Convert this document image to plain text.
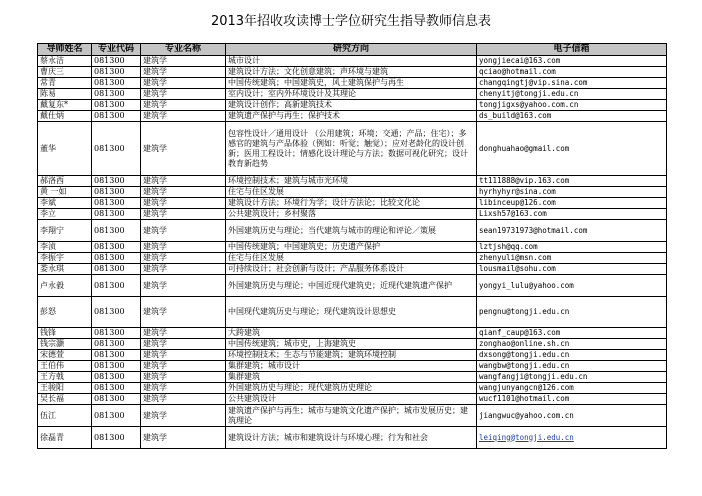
2013年招收攻读博士学位研究生指导教师信息表
导师姓名	专业代码	专业名称	研究方向	电子信箱
蔡永洁	081300	建筑学	城市设计	yongjiecai@163.com
曹庆三	081300	建筑学	建筑设计方法；文化创意建筑；声环境与建筑	qciao@hotmail.com
常青	081300	建筑学	中国传统建筑；中国建筑史，风土建筑保护与再生	changqingtj@vip.sina.com
陈易	081300	建筑学	室内设计；室内外环境设计及其理论	chenyitj@tongji.edu.cn
戴复东*	081300	建筑学	建筑设计创作；高新建筑技术	tongjigxs@yahoo.com.cn
戴仕炳	081300	建筑学	建筑遗产保护与再生；保护技术	ds_build@163.com
董华	081300	建筑学	包容性设计／通用设计 （公用建筑；环境；交通；产品；住宅）；多感官的建筑与产品体验（例如：听觉；触觉）；应对老龄化的设计创新；医用工程设计；情感化设计理论与方法；数据可视化研究；设计教育新趋势	donghuahao@gmail.com
郝洛西	081300	建筑学	环境控制技术；建筑与城市光环境	tt111888@vip.163.com
黄 一如	081300	建筑学	住宅与住区发展	hyrhyhyr@sina.com
李斌	081300	建筑学	建筑设计方法；环境行为学；设计方法论；比较文化论	libinceup@126.com
李立	081300	建筑学	公共建筑设计；乡村聚落	Lixsh57@163.com
李翔宁	081300	建筑学	外国建筑历史与理论；当代建筑与城市的理论和评论／策展	sean19731973@hotmail.com
李浈	081300	建筑学	中国传统建筑；中国建筑史；历史遗产保护	lztjsh@qq.com
李振宇	081300	建筑学	住宅与住区发展	zhenyuli@msn.com
娄永琪	081300	建筑学	可持续设计；社会创新与设计；产品服务体系设计	lousmail@sohu.com
卢永毅	081300	建筑学	外国建筑历史与理论；中国近现代建筑史；近现代建筑遗产保护	yongyi_lulu@yahoo.com
彭怒	081300	建筑学	中国现代建筑历史与理论；现代建筑设计思想史	pengnu@tongji.edu.cn
钱锋	081300	建筑学	大跨建筑	qianf_caup@163.com
钱宗灏	081300	建筑学	中国传统建筑；城市史，上海建筑史	zonghao@online.sh.cn
宋德萱	081300	建筑学	环境控制技术；生态与节能建筑；建筑环境控制	dxsong@tongji.edu.cn
王伯伟	081300	建筑学	集群建筑；城市设计	wangbw@tongji.edu.cn
王方戟	081300	建筑学	集群建筑	wangfangji@tongji.edu.cn
王骏阳	081300	建筑学	外国建筑历史与理论；现代建筑历史理论	wangjunyangcn@126.com
吴长福	081300	建筑学	公共建筑设计	wucf1101@hotmail.com
伍江	081300	建筑学	建筑遗产保护与再生；城市与建筑文化遗产保护；城市发展历史；建筑理论	jiangwuc@yahoo.com.cn
徐磊青	081300	建筑学	建筑设计方法；城市和建筑设计与环境心理；行为和社会	leiqing@tongji.edu.cn
